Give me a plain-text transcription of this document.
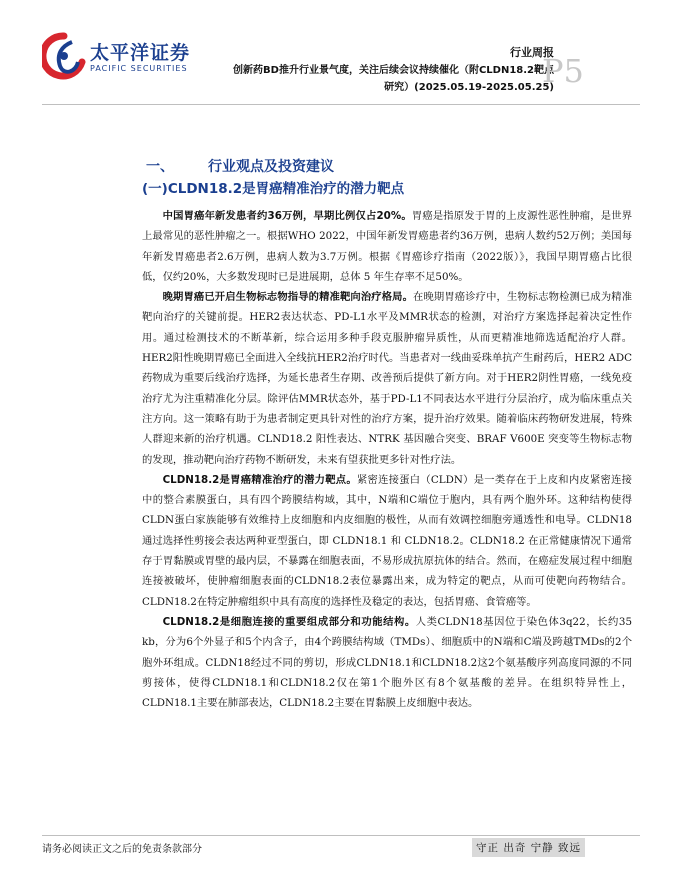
太平洋证券
PACIFIC SECURITIES
行业周报
创新药BD推升行业景气度，关注后续会议持续催化（附CLDN18.2靶点研究）(2025.05.19-2025.05.25)
P5
一、 行业观点及投资建议
(一)CLDN18.2是胃癌精准治疗的潜力靶点

中国胃癌年新发患者约36万例，早期比例仅占20%。胃癌是指原发于胃的上皮源性恶性肿瘤，是世界上最常见的恶性肿瘤之一。根据WHO 2022，中国年新发胃癌患者约36万例，患病人数约52万例；美国每年新发胃癌患者2.6万例，患病人数为3.7万例。根据《胃癌诊疗指南（2022版）》，我国早期胃癌占比很低，仅约20%，大多数发现时已是进展期，总体 5 年生存率不足50%。

晚期胃癌已开启生物标志物指导的精准靶向治疗格局。在晚期胃癌诊疗中，生物标志物检测已成为精准靶向治疗的关键前提。HER2表达状态、PD-L1水平及MMR状态的检测，对治疗方案选择起着决定性作用。通过检测技术的不断革新，综合运用多种手段克服肿瘤异质性，从而更精准地筛选适配治疗人群。HER2阳性晚期胃癌已全面进入全线抗HER2治疗时代。当患者对一线曲妥珠单抗产生耐药后，HER2 ADC 药物成为重要后线治疗选择，为延长患者生存期、改善预后提供了新方向。对于HER2阴性胃癌，一线免疫治疗尤为注重精准化分层。除评估MMR状态外，基于PD-L1不同表达水平进行分层治疗，成为临床重点关注方向。这一策略有助于为患者制定更具针对性的治疗方案，提升治疗效果。随着临床药物研发进展，特殊人群迎来新的治疗机遇。CLND18.2 阳性表达、NTRK 基因融合突变、BRAF V600E 突变等生物标志物的发现，推动靶向治疗药物不断研发，未来有望获批更多针对性疗法。

CLDN18.2是胃癌精准治疗的潜力靶点。紧密连接蛋白（CLDN）是一类存在于上皮和内皮紧密连接中的整合素膜蛋白，具有四个跨膜结构域，其中，N端和C端位于胞内，具有两个胞外环。这种结构使得CLDN蛋白家族能够有效维持上皮细胞和内皮细胞的极性，从而有效调控细胞旁通透性和电导。CLDN18 通过选择性剪接会表达两种亚型蛋白，即 CLDN18.1 和 CLDN18.2。CLDN18.2 在正常健康情况下通常存于胃黏膜或胃壁的最内层，不暴露在细胞表面，不易形成抗原抗体的结合。然而，在癌症发展过程中细胞连接被破坏，使肿瘤细胞表面的CLDN18.2表位暴露出来，成为特定的靶点，从而可使靶向药物结合。CLDN18.2在特定肿瘤组织中具有高度的选择性及稳定的表达，包括胃癌、食管癌等。

CLDN18.2是细胞连接的重要组成部分和功能结构。人类CLDN18基因位于染色体3q22，长约35 kb，分为6个外显子和5个内含子，由4个跨膜结构域（TMDs）、细胞质中的N端和C端及跨越TMDs的2个胞外环组成。CLDN18经过不同的剪切，形成CLDN18.1和CLDN18.2这2个氨基酸序列高度同源的不同剪接体，使得CLDN18.1和CLDN18.2仅在第1个胞外区有8个氨基酸的差异。在组织特异性上，CLDN18.1主要在肺部表达，CLDN18.2主要在胃黏膜上皮细胞中表达。

请务必阅读正文之后的免责条款部分	守正 出奇 宁静 致远
